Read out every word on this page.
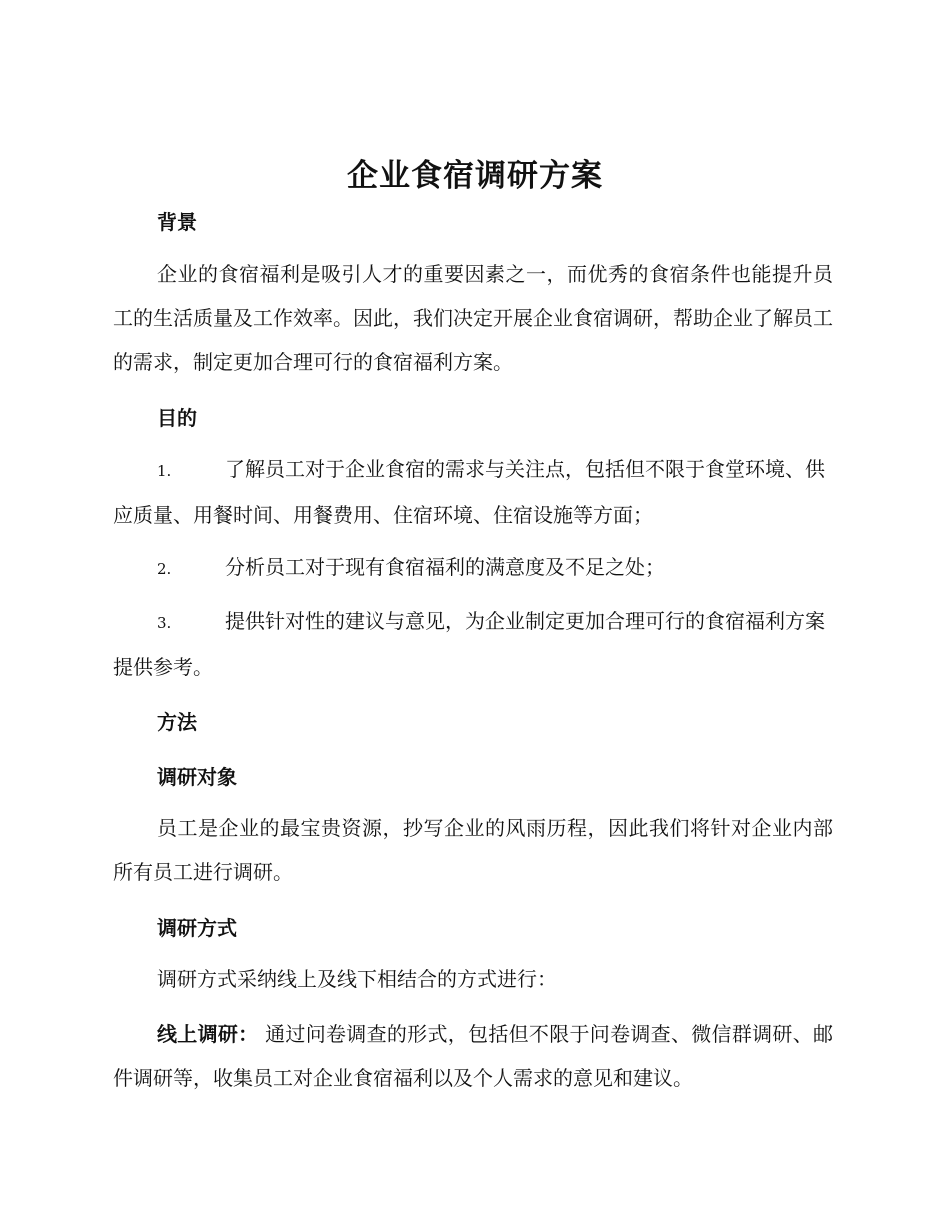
企业食宿调研方案
背景
企业的食宿福利是吸引人才的重要因素之一，而优秀的食宿条件也能提升员工的生活质量及工作效率。因此，我们决定开展企业食宿调研，帮助企业了解员工的需求，制定更加合理可行的食宿福利方案。
目的
1.	了解员工对于企业食宿的需求与关注点，包括但不限于食堂环境、供应质量、用餐时间、用餐费用、住宿环境、住宿设施等方面；
2.	分析员工对于现有食宿福利的满意度及不足之处；
3.	提供针对性的建议与意见，为企业制定更加合理可行的食宿福利方案提供参考。
方法
调研对象
员工是企业的最宝贵资源，抄写企业的风雨历程，因此我们将针对企业内部所有员工进行调研。
调研方式
调研方式采纳线上及线下相结合的方式进行：
线上调研： 通过问卷调查的形式，包括但不限于问卷调查、微信群调研、邮件调研等，收集员工对企业食宿福利以及个人需求的意见和建议。
